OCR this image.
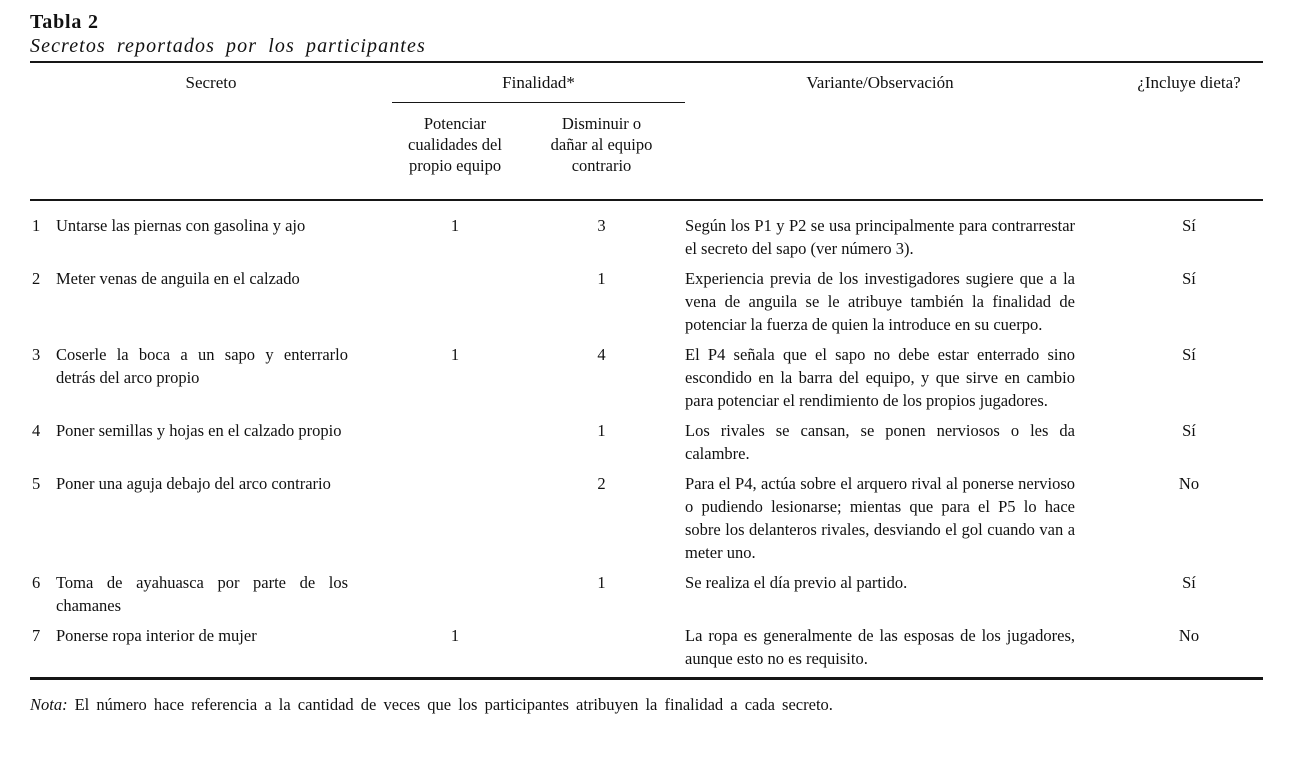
Tabla 2
Secretos reportados por los participantes
Secreto		Finalidad*		Variante/Observación	¿Incluye dieta?
		Potenciar cualidades del propio equipo	Disminuir o dañar al equipo contrario		
1	Untarse las piernas con gasolina y ajo	1	3	Según los P1 y P2 se usa principalmente para contrarrestar el secreto del sapo (ver número 3).	Sí
2	Meter venas de anguila en el calzado		1	Experiencia previa de los investigadores sugiere que a la vena de anguila se le atribuye también la finalidad de potenciar la fuerza de quien la introduce en su cuerpo.	Sí
3	Coserle la boca a un sapo y enterrarlo detrás del arco propio	1	4	El P4 señala que el sapo no debe estar enterrado sino escondido en la barra del equipo, y que sirve en cambio para potenciar el rendimiento de los propios jugadores.	Sí
4	Poner semillas y hojas en el calzado propio		1	Los rivales se cansan, se ponen nerviosos o les da calambre.	Sí
5	Poner una aguja debajo del arco contrario		2	Para el P4, actúa sobre el arquero rival al ponerse nervioso o pudiendo lesionarse; mientas que para el P5 lo hace sobre los delanteros rivales, desviando el gol cuando van a meter uno.	No
6	Toma de ayahuasca por parte de los chamanes		1	Se realiza el día previo al partido.	Sí
7	Ponerse ropa interior de mujer	1		La ropa es generalmente de las esposas de los jugadores, aunque esto no es requisito.	No
Nota: El número hace referencia a la cantidad de veces que los participantes atribuyen la finalidad a cada secreto.
